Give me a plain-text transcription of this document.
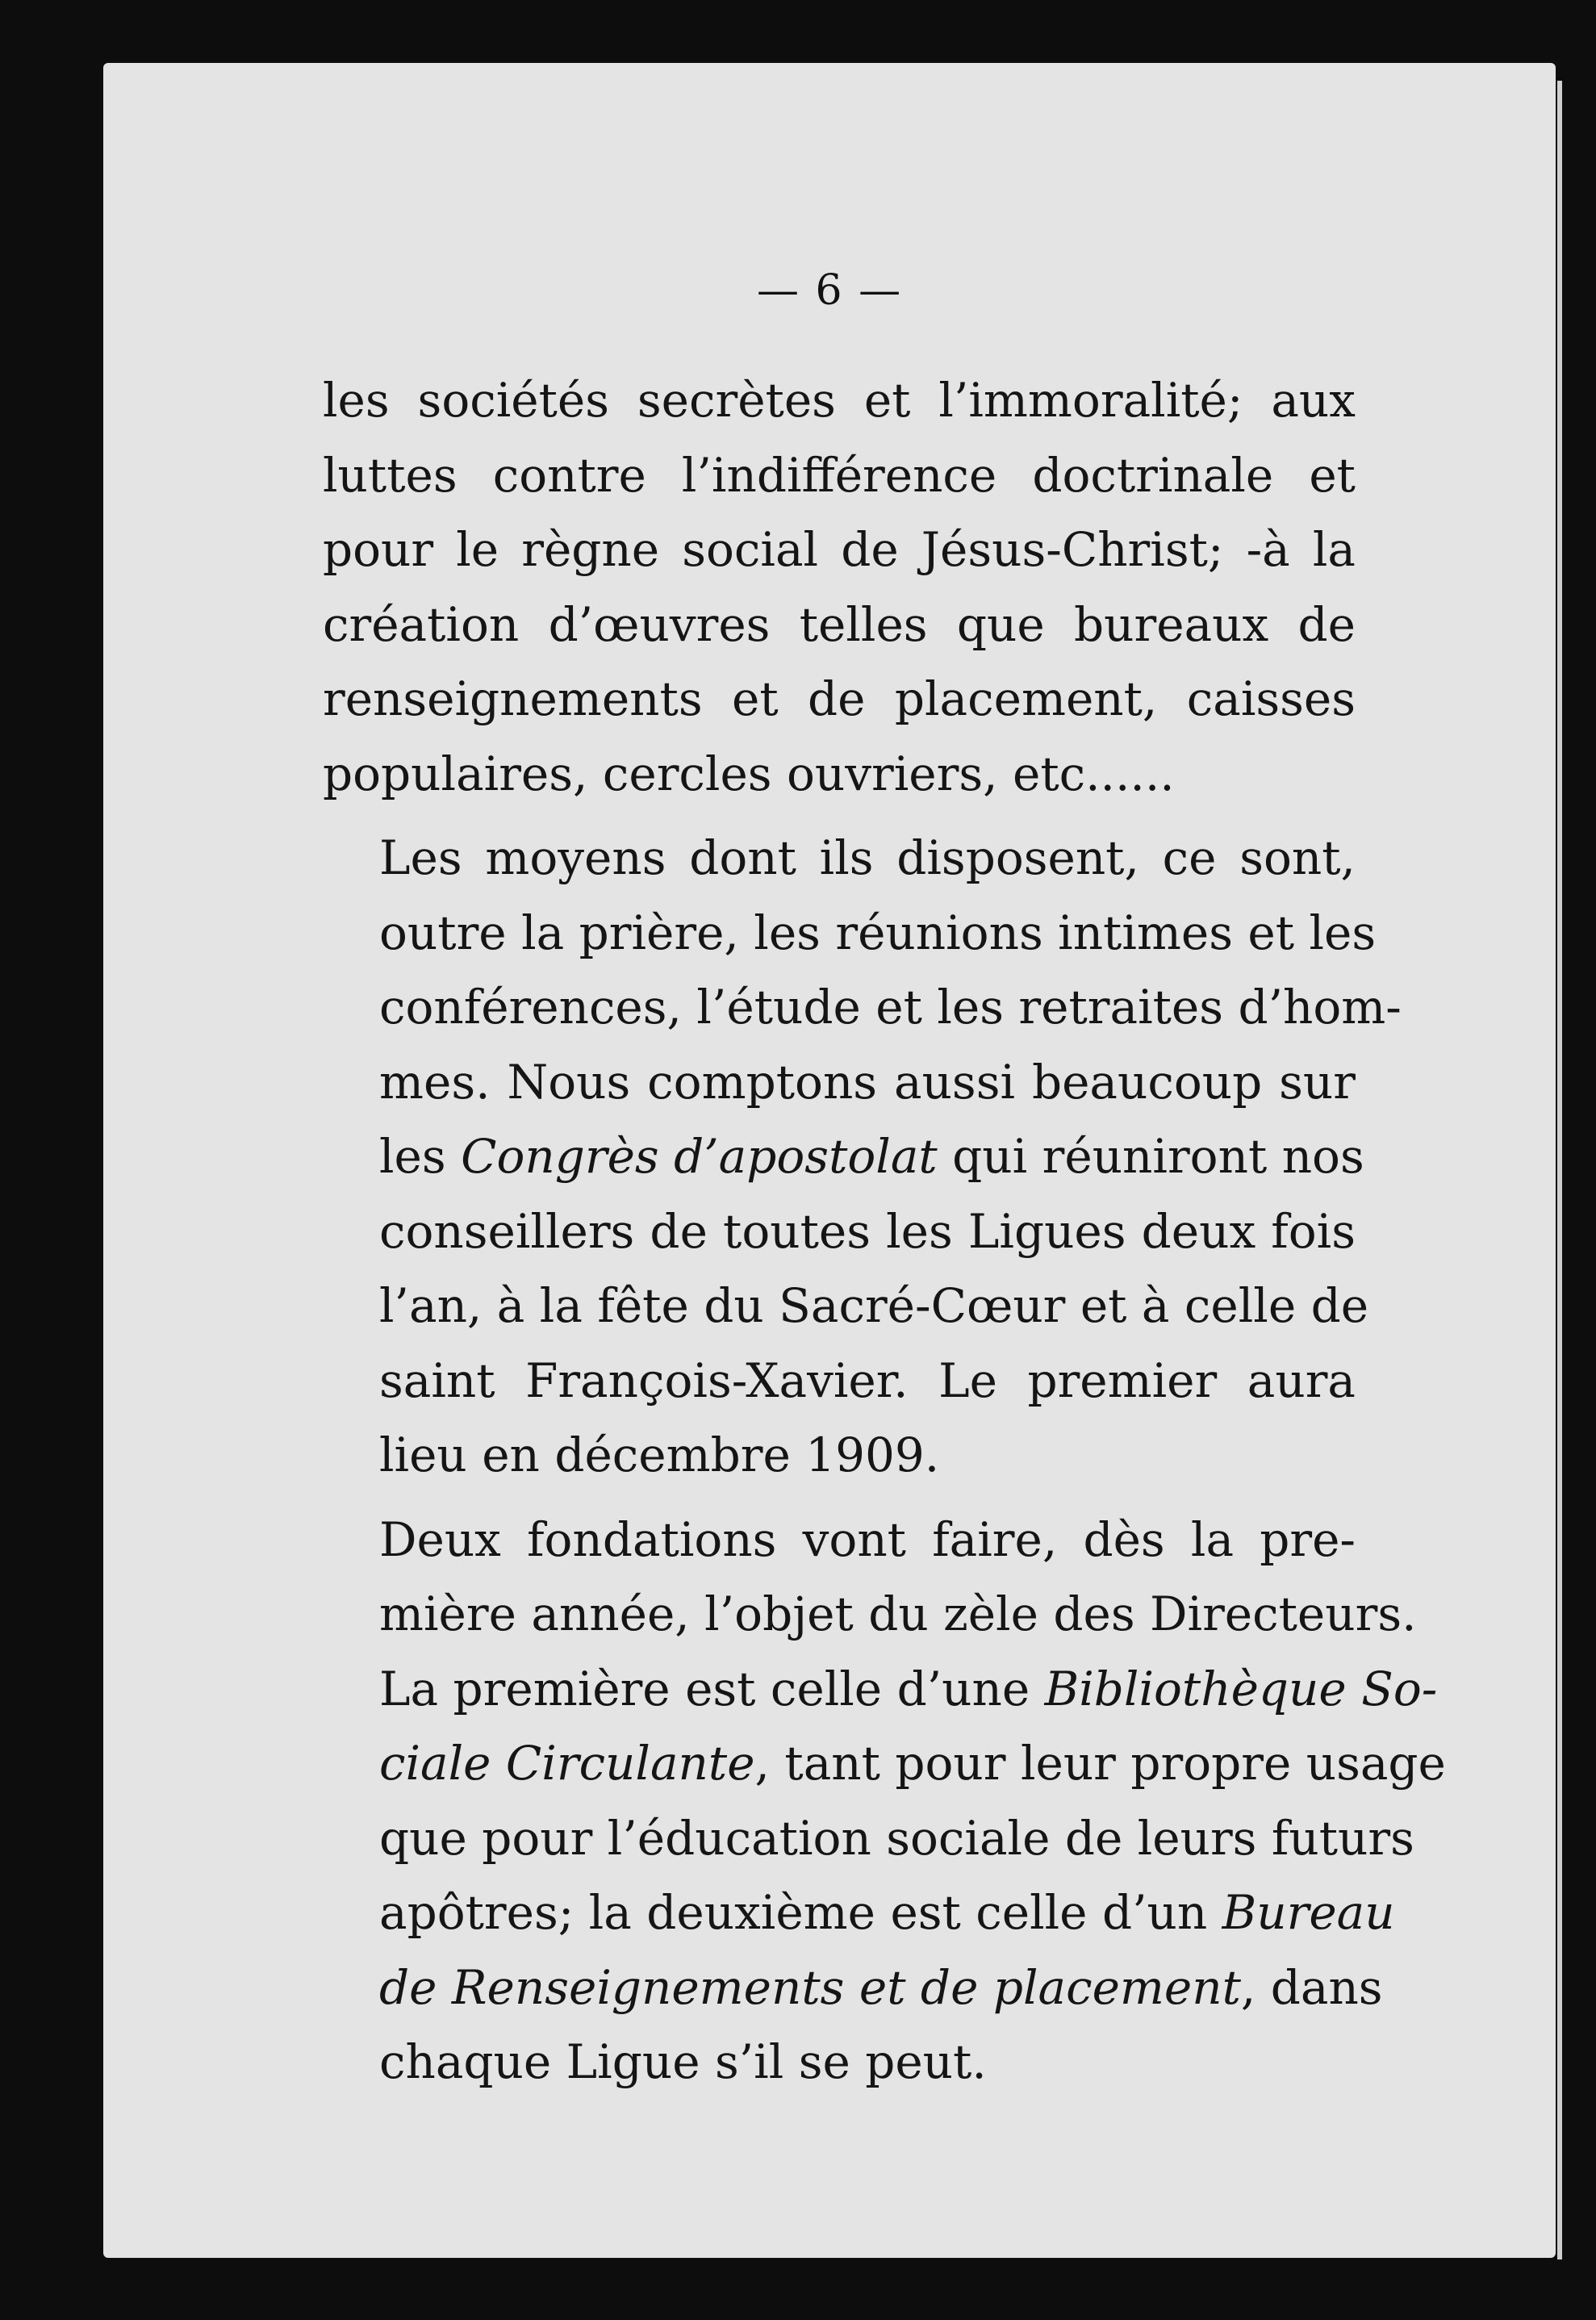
— 6 —

les sociétés secrètes et l’immoralité; aux
luttes contre l’indifférence doctrinale et
pour le règne social de Jésus-Christ; -à la
création d’œuvres telles que bureaux de
renseignements et de placement, caisses
populaires, cercles ouvriers, etc......

Les moyens dont ils disposent, ce sont,
outre la prière, les réunions intimes et les
conférences, l’étude et les retraites d’hom-
mes. Nous comptons aussi beaucoup sur
les Congrès d’apostolat qui réuniront nos
conseillers de toutes les Ligues deux fois
l’an, à la fête du Sacré-Cœur et à celle de
saint François-Xavier. Le premier aura
lieu en décembre 1909.

Deux fondations vont faire, dès la pre-
mière année, l’objet du zèle des Directeurs.
La première est celle d’une Bibliothèque So-
ciale Circulante, tant pour leur propre usage
que pour l’éducation sociale de leurs futurs
apôtres; la deuxième est celle d’un Bureau
de Renseignements et de placement, dans
chaque Ligue s’il se peut.
